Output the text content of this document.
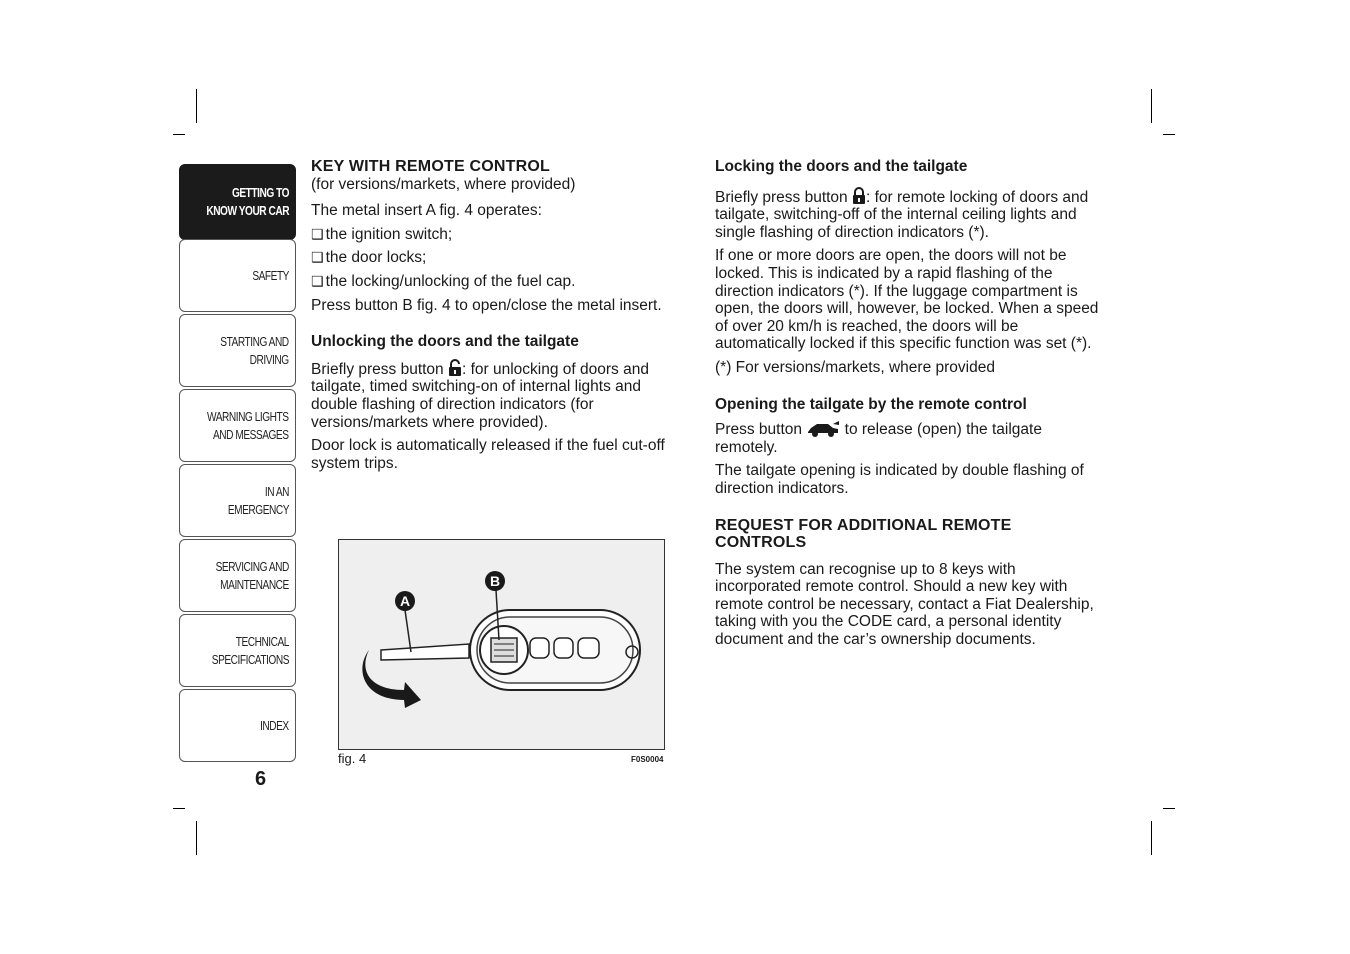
GETTING TO
KNOW YOUR CAR
SAFETY
STARTING AND
DRIVING
WARNING LIGHTS
AND MESSAGES
IN AN EMERGENCY
SERVICING AND
MAINTENANCE
TECHNICAL
SPECIFICATIONS
INDEX
6
KEY WITH REMOTE CONTROL

(for versions/markets, where provided)

The metal insert A fig. 4 operates:

❑ the ignition switch;

❑ the door locks;

❑ the locking/unlocking of the fuel cap.

Press button B fig. 4 to open/close the metal insert.

Unlocking the doors and the tailgate

Briefly press button : for unlocking of doors and tailgate, timed switching-on of internal lights and double flashing of direction indicators (for versions/markets where provided).

Door lock is automatically released if the fuel cut-off system trips.

A
B
fig. 4	F0S0004
Locking the doors and the tailgate

Briefly press button : for remote locking of doors and tailgate, switching-off of the internal ceiling lights and single flashing of direction indicators (*).

If one or more doors are open, the doors will not be locked. This is indicated by a rapid flashing of the direction indicators (*). If the luggage compartment is open, the doors will, however, be locked. When a speed of over 20 km/h is reached, the doors will be automatically locked if this specific function was set (*).

(*) For versions/markets, where provided

Opening the tailgate by the remote control

Press button  to release (open) the tailgate remotely.

The tailgate opening is indicated by double flashing of direction indicators.

REQUEST FOR ADDITIONAL REMOTE CONTROLS

The system can recognise up to 8 keys with incorporated remote control. Should a new key with remote control be necessary, contact a Fiat Dealership, taking with you the CODE card, a personal identity document and the car’s ownership documents.
